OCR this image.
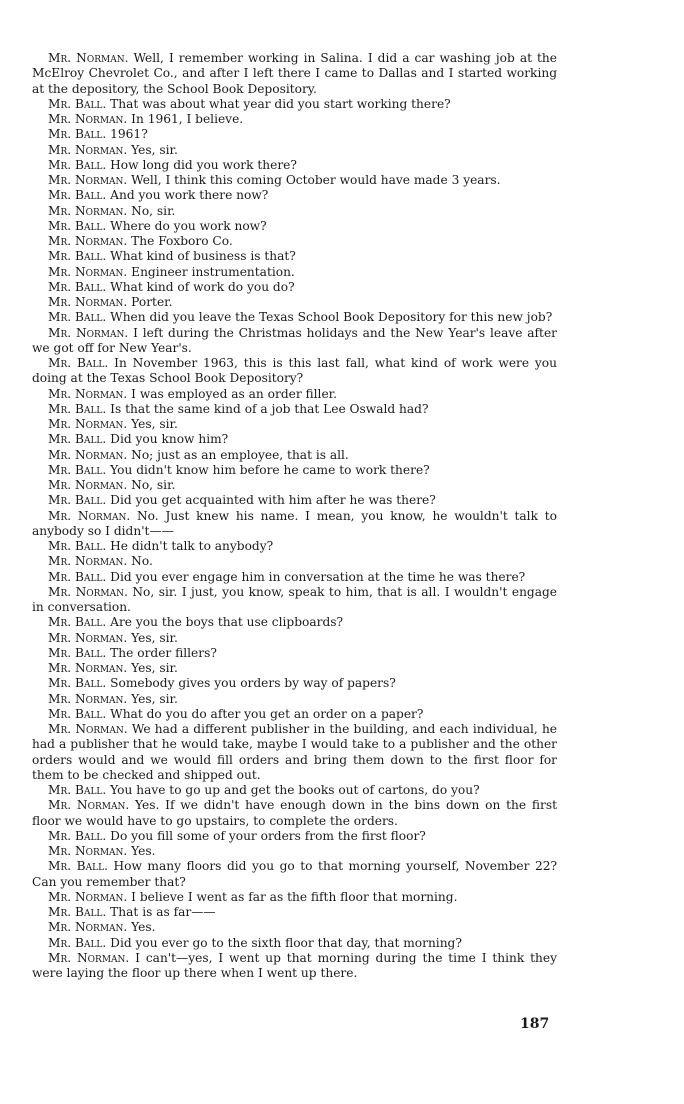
Mr. Norman. Well, I remember working in Salina. I did a car washing job at the McElroy Chevrolet Co., and after I left there I came to Dallas and I started working at the depository, the School Book Depository.

Mr. Ball. That was about what year did you start working there?

Mr. Norman. In 1961, I believe.

Mr. Ball. 1961?

Mr. Norman. Yes, sir.

Mr. Ball. How long did you work there?

Mr. Norman. Well, I think this coming October would have made 3 years.

Mr. Ball. And you work there now?

Mr. Norman. No, sir.

Mr. Ball. Where do you work now?

Mr. Norman. The Foxboro Co.

Mr. Ball. What kind of business is that?

Mr. Norman. Engineer instrumentation.

Mr. Ball. What kind of work do you do?

Mr. Norman. Porter.

Mr. Ball. When did you leave the Texas School Book Depository for this new job?

Mr. Norman. I left during the Christmas holidays and the New Year's leave after we got off for New Year's.

Mr. Ball. In November 1963, this is this last fall, what kind of work were you doing at the Texas School Book Depository?

Mr. Norman. I was employed as an order filler.

Mr. Ball. Is that the same kind of a job that Lee Oswald had?

Mr. Norman. Yes, sir.

Mr. Ball. Did you know him?

Mr. Norman. No; just as an employee, that is all.

Mr. Ball. You didn't know him before he came to work there?

Mr. Norman. No, sir.

Mr. Ball. Did you get acquainted with him after he was there?

Mr. Norman. No. Just knew his name. I mean, you know, he wouldn't talk to anybody so I didn't——

Mr. Ball. He didn't talk to anybody?

Mr. Norman. No.

Mr. Ball. Did you ever engage him in conversation at the time he was there?

Mr. Norman. No, sir. I just, you know, speak to him, that is all. I wouldn't engage in conversation.

Mr. Ball. Are you the boys that use clipboards?

Mr. Norman. Yes, sir.

Mr. Ball. The order fillers?

Mr. Norman. Yes, sir.

Mr. Ball. Somebody gives you orders by way of papers?

Mr. Norman. Yes, sir.

Mr. Ball. What do you do after you get an order on a paper?

Mr. Norman. We had a different publisher in the building, and each individual, he had a publisher that he would take, maybe I would take to a publisher and the other orders would and we would fill orders and bring them down to the first floor for them to be checked and shipped out.

Mr. Ball. You have to go up and get the books out of cartons, do you?

Mr. Norman. Yes. If we didn't have enough down in the bins down on the first floor we would have to go upstairs, to complete the orders.

Mr. Ball. Do you fill some of your orders from the first floor?

Mr. Norman. Yes.

Mr. Ball. How many floors did you go to that morning yourself, November 22? Can you remember that?

Mr. Norman. I believe I went as far as the fifth floor that morning.

Mr. Ball. That is as far——

Mr. Norman. Yes.

Mr. Ball. Did you ever go to the sixth floor that day, that morning?

Mr. Norman. I can't—yes, I went up that morning during the time I think they were laying the floor up there when I went up there.

187
